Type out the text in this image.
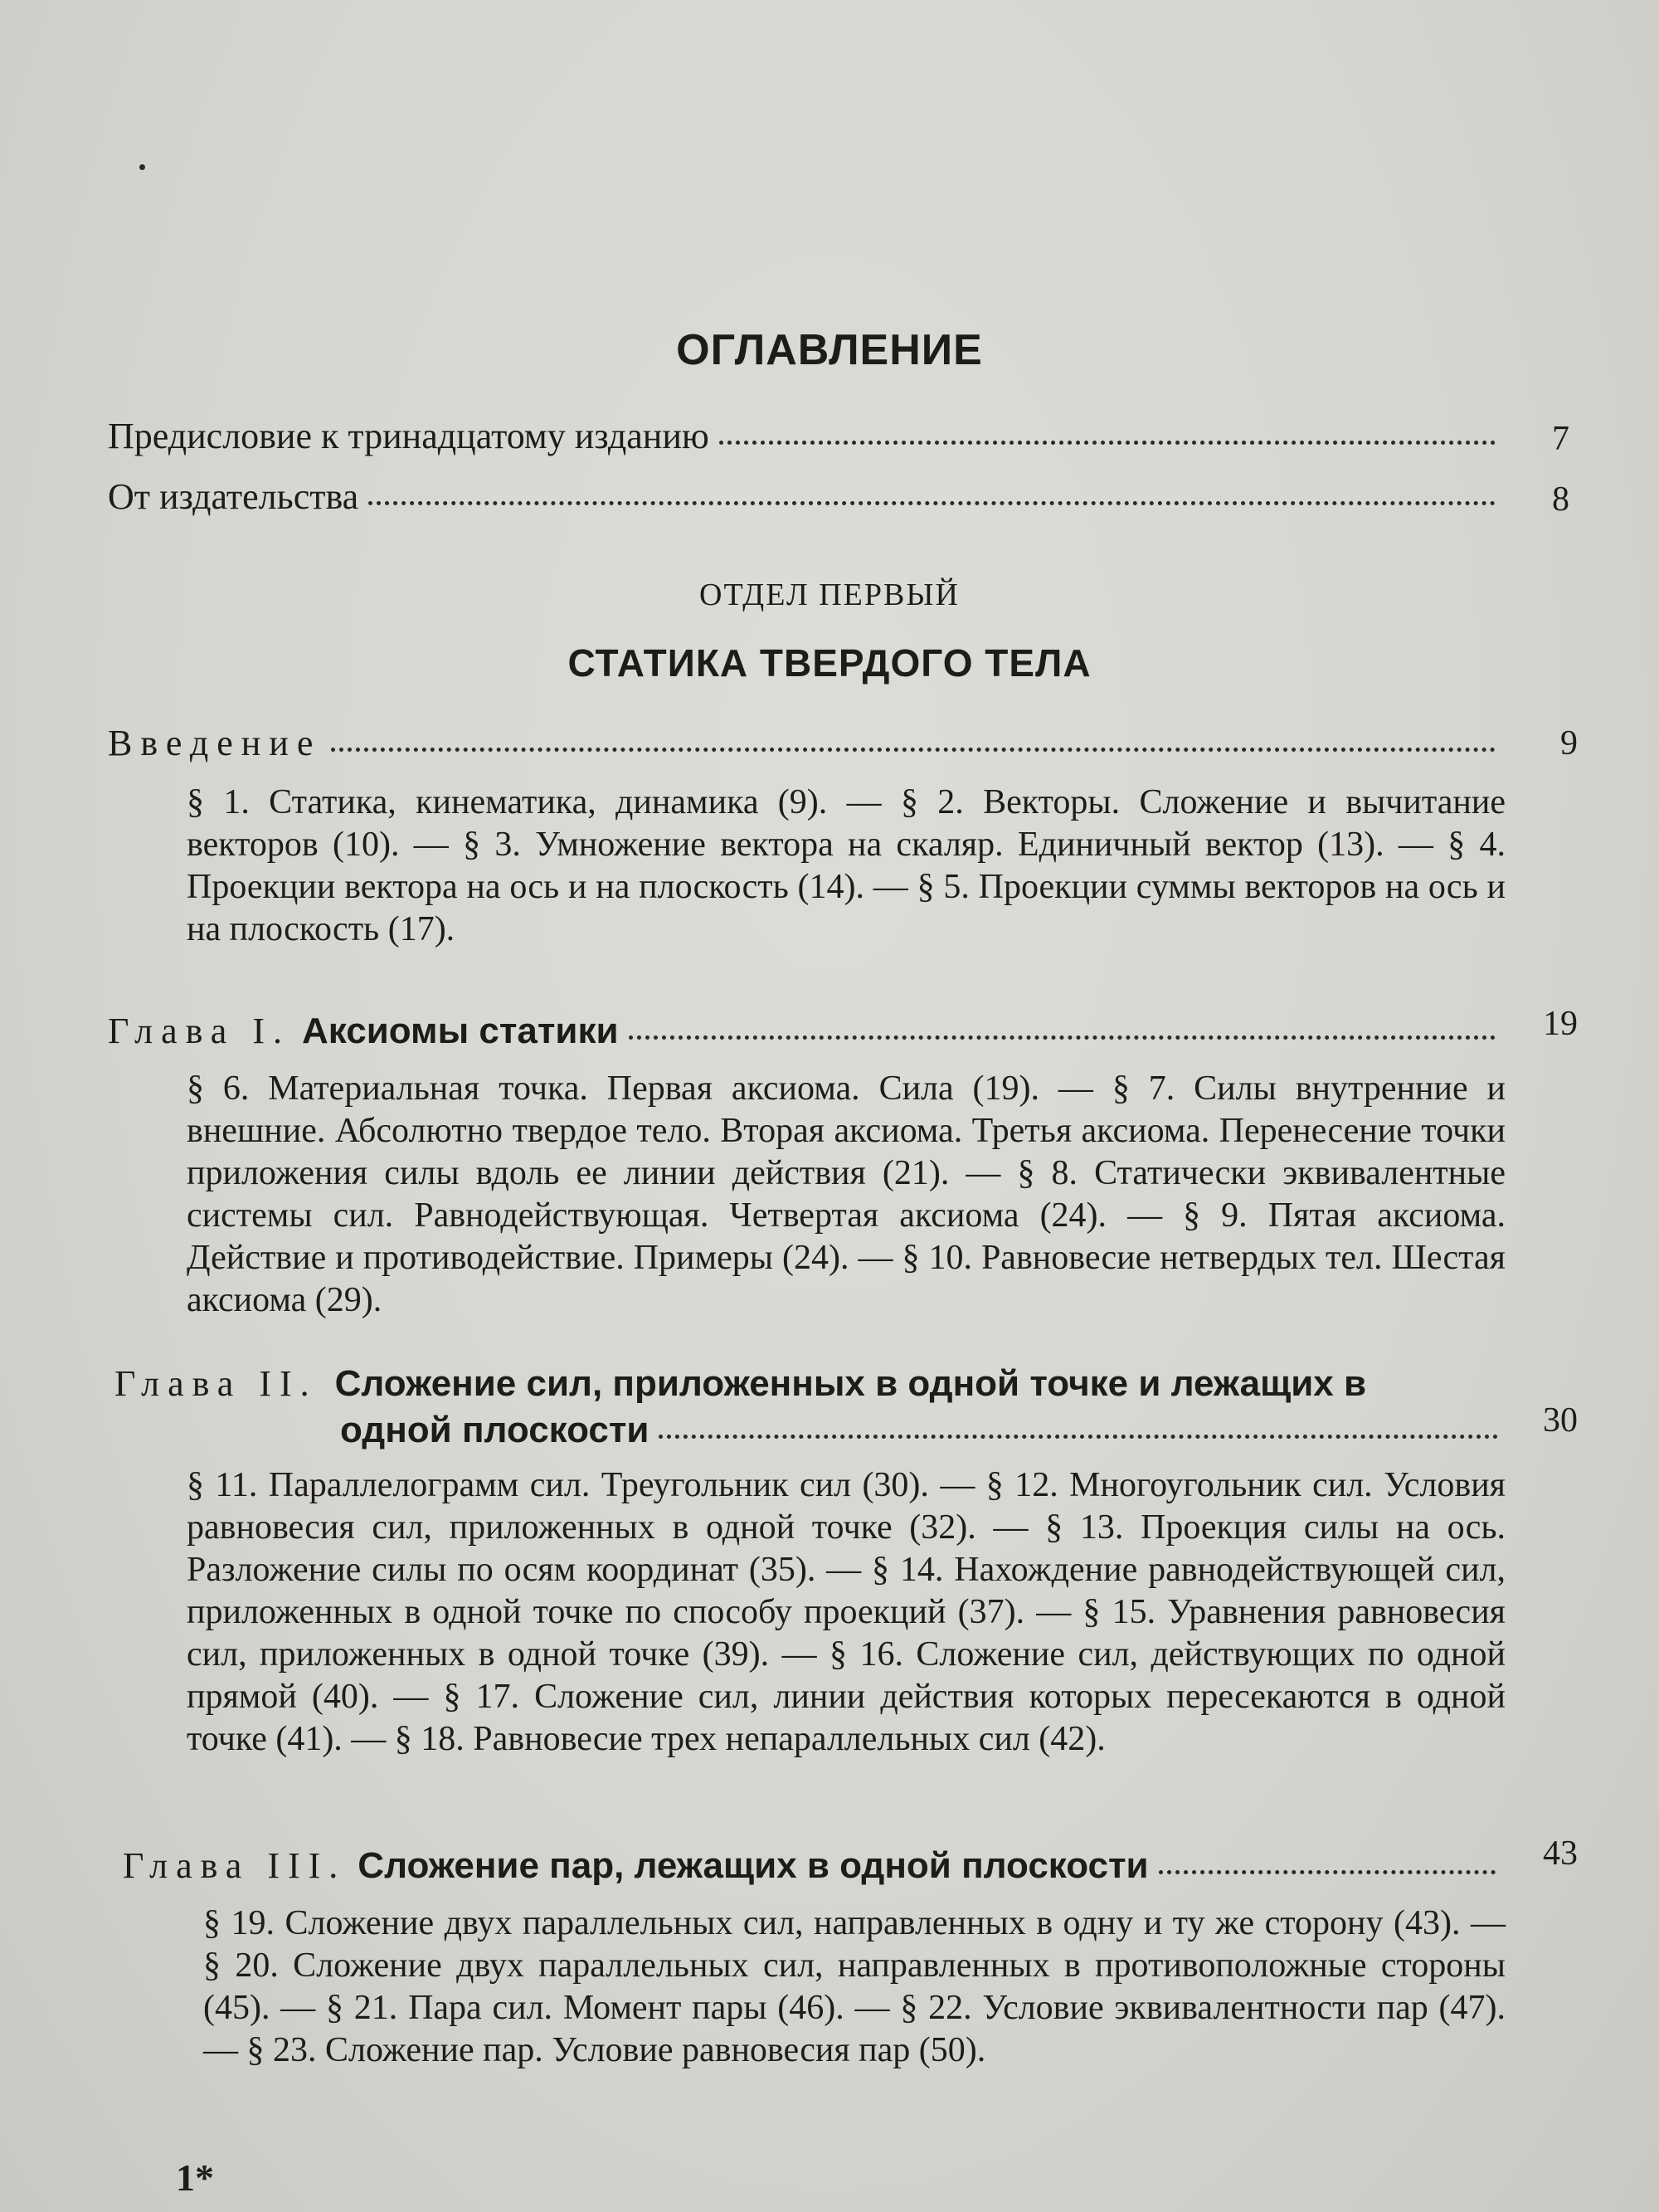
ОГЛАВЛЕНИЕ
Предисловие к тринадцатому изданию	7
От издательства	8
ОТДЕЛ ПЕРВЫЙ
СТАТИКА ТВЕРДОГО ТЕЛА
Введение	9
§ 1. Статика, кинематика, динамика (9). — § 2. Векторы. Сложение и вычитание векторов (10). — § 3. Умножение вектора на скаляр. Единичный вектор (13). — § 4. Проекции вектора на ось и на плоскость (14). — § 5. Проекции суммы векторов на ось и на плоскость (17).
Глава I. Аксиомы статики	19
§ 6. Материальная точка. Первая аксиома. Сила (19). — § 7. Силы внутренние и внешние. Абсолютно твердое тело. Вторая аксиома. Третья аксиома. Перенесение точки приложения силы вдоль ее линии действия (21). — § 8. Статически эквивалентные системы сил. Равнодействующая. Четвертая аксиома (24). — § 9. Пятая аксиома. Действие и противодействие. Примеры (24). — § 10. Равновесие нетвердых тел. Шестая аксиома (29).
Глава II. Сложение сил, приложенных в одной точке и лежащих в
одной плоскости	30
§ 11. Параллелограмм сил. Треугольник сил (30). — § 12. Многоугольник сил. Условия равновесия сил, приложенных в одной точке (32). — § 13. Проекция силы на ось. Разложение силы по осям координат (35). — § 14. Нахождение равнодействующей сил, приложенных в одной точке по способу проекций (37). — § 15. Уравнения равновесия сил, приложенных в одной точке (39). — § 16. Сложение сил, действующих по одной прямой (40). — § 17. Сложение сил, линии действия которых пересекаются в одной точке (41). — § 18. Равновесие трех непараллельных сил (42).
Глава III. Сложение пар, лежащих в одной плоскости	43
§ 19. Сложение двух параллельных сил, направленных в одну и ту же сторону (43). — § 20. Сложение двух параллельных сил, направленных в противоположные стороны (45). — § 21. Пара сил. Момент пары (46). — § 22. Условие эквивалентности пар (47). — § 23. Сложение пар. Условие равновесия пар (50).
1*
